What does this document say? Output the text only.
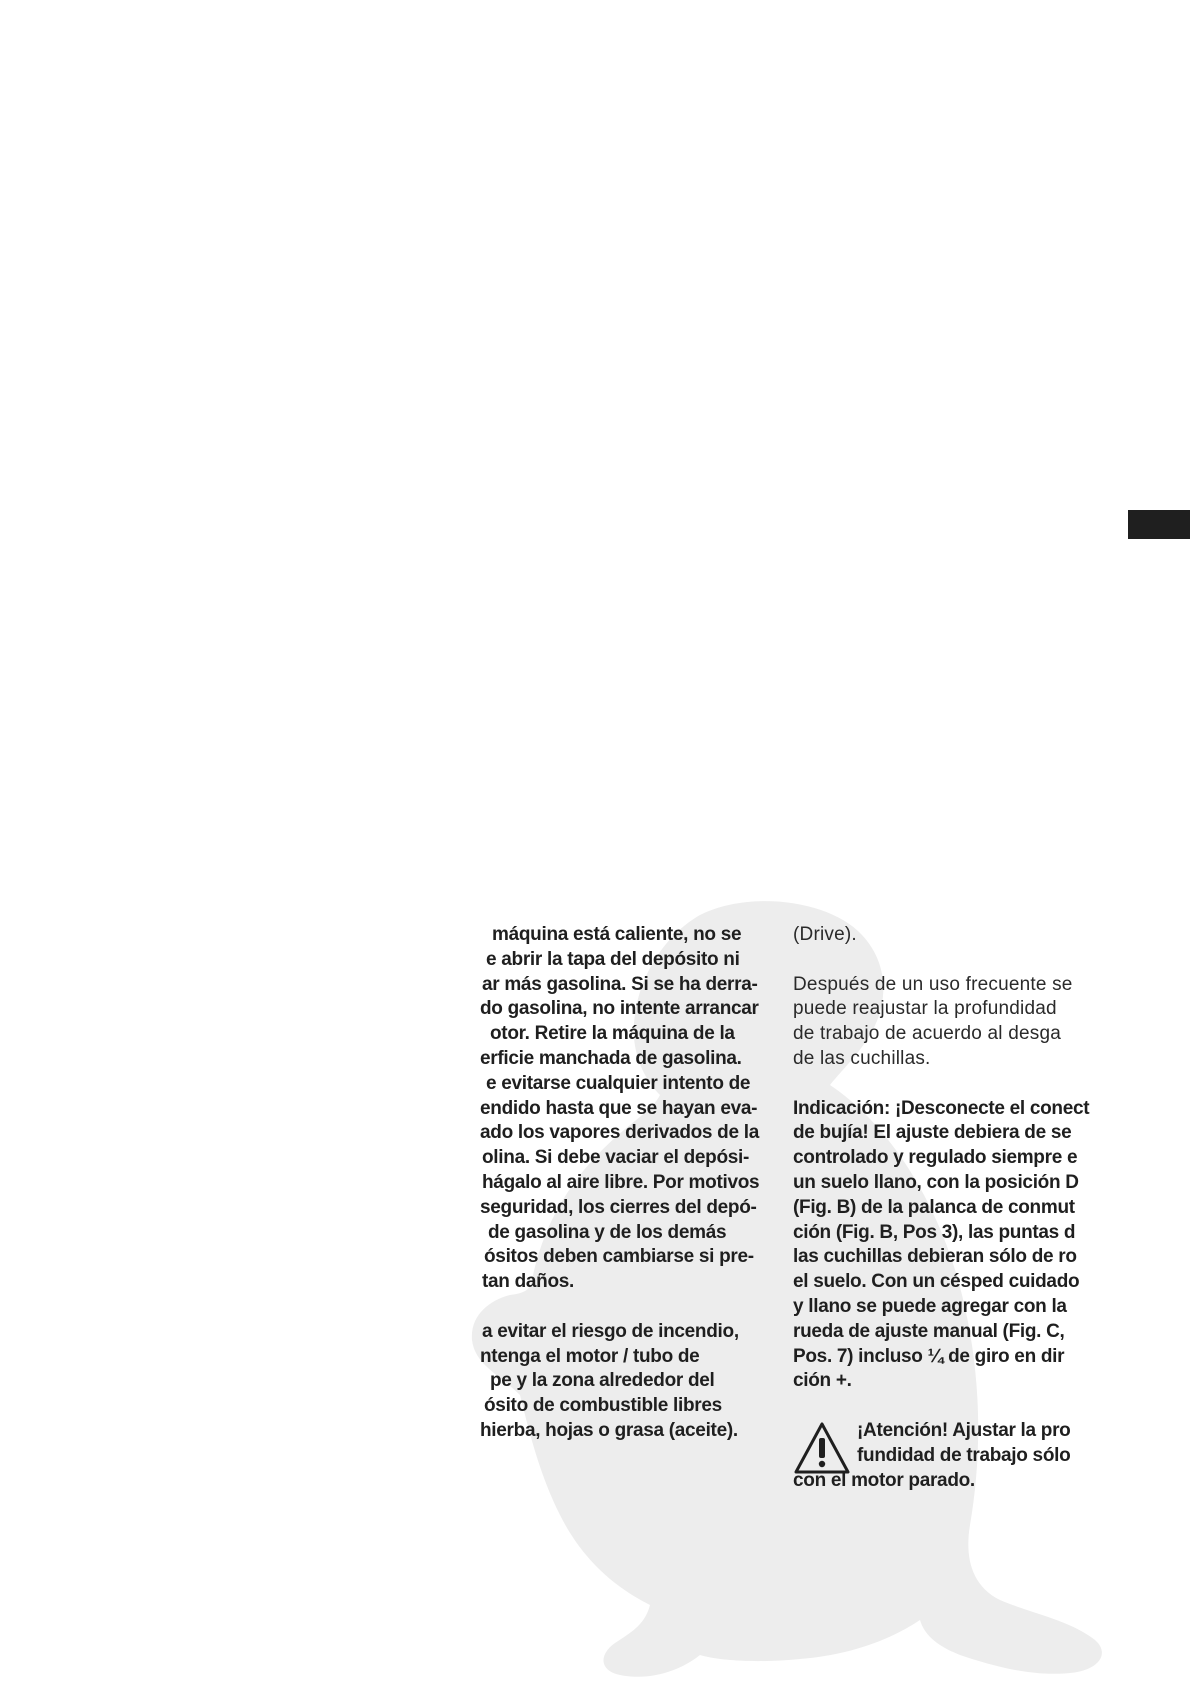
máquina está caliente, no se
e abrir la tapa del depósito ni
ar más gasolina. Si se ha derra-
do gasolina, no intente arrancar
otor. Retire la máquina de la
erficie manchada de gasolina.
e evitarse cualquier intento de
endido hasta que se hayan eva-
ado los vapores derivados de la
olina. Si debe vaciar el depósi-
hágalo al aire libre. Por motivos
seguridad, los cierres del depó-
de gasolina y de los demás
ósitos deben cambiarse si pre-
tan daños.

a evitar el riesgo de incendio,
ntenga el motor / tubo de
pe y la zona alrededor del
ósito de combustible libres
hierba, hojas o grasa (aceite).

(Drive).

Después de un uso frecuente se
puede reajustar la profundidad
de trabajo de acuerdo al desga
de las cuchillas.

Indicación: ¡Desconecte el conect
de bujía! El ajuste debiera de se
controlado y regulado siempre e
un suelo llano, con la posición D
(Fig. B) de la palanca de conmut
ción (Fig. B, Pos 3), las puntas d
las cuchillas debieran sólo de ro
el suelo. Con un césped cuidado
y llano se puede agregar con la
rueda de ajuste manual (Fig. C,
Pos. 7) incluso ¼ de giro en dir
ción +.

¡Atención! Ajustar la pro
fundidad de trabajo sólo
con el motor parado.
